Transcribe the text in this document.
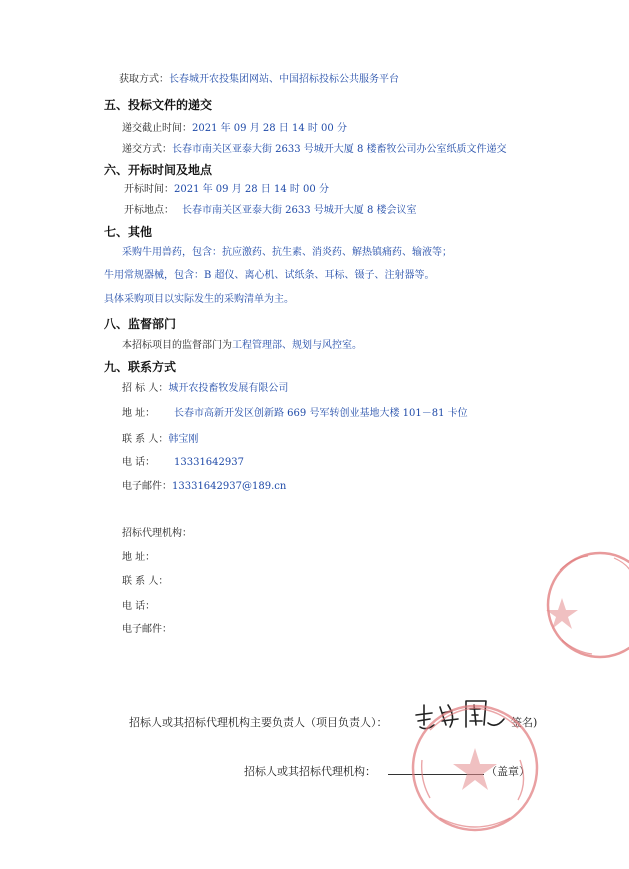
获取方式：长春城开农投集团网站、中国招标投标公共服务平台
五、投标文件的递交
递交截止时间：2021 年 09 月 28 日 14 时 00 分
递交方式：长春市南关区亚泰大街 2633 号城开大厦 8 楼畜牧公司办公室纸质文件递交
六、开标时间及地点
开标时间：2021 年 09 月 28 日 14 时 00 分
开标地点： 长春市南关区亚泰大街 2633 号城开大厦 8 楼会议室
七、其他
采购牛用兽药，包含：抗应激药、抗生素、消炎药、解热镇痛药、输液等；
牛用常规器械，包含：B 超仪、离心机、试纸条、耳标、镊子、注射器等。
具体采购项目以实际发生的采购清单为主。
八、监督部门
本招标项目的监督部门为工程管理部、规划与风控室。
九、联系方式
招 标 人：城开农投畜牧发展有限公司
地 址： 长春市高新开发区创新路 669 号军转创业基地大楼 101－81 卡位
联 系 人：韩宝刚
电 话： 13331642937
电子邮件：13331642937@189.cn
招标代理机构：
地 址：
联 系 人：
电 话：
电子邮件：
招标人或其招标代理机构主要负责人（项目负责人）：	签名)
招标人或其招标代理机构：	（盖章）
